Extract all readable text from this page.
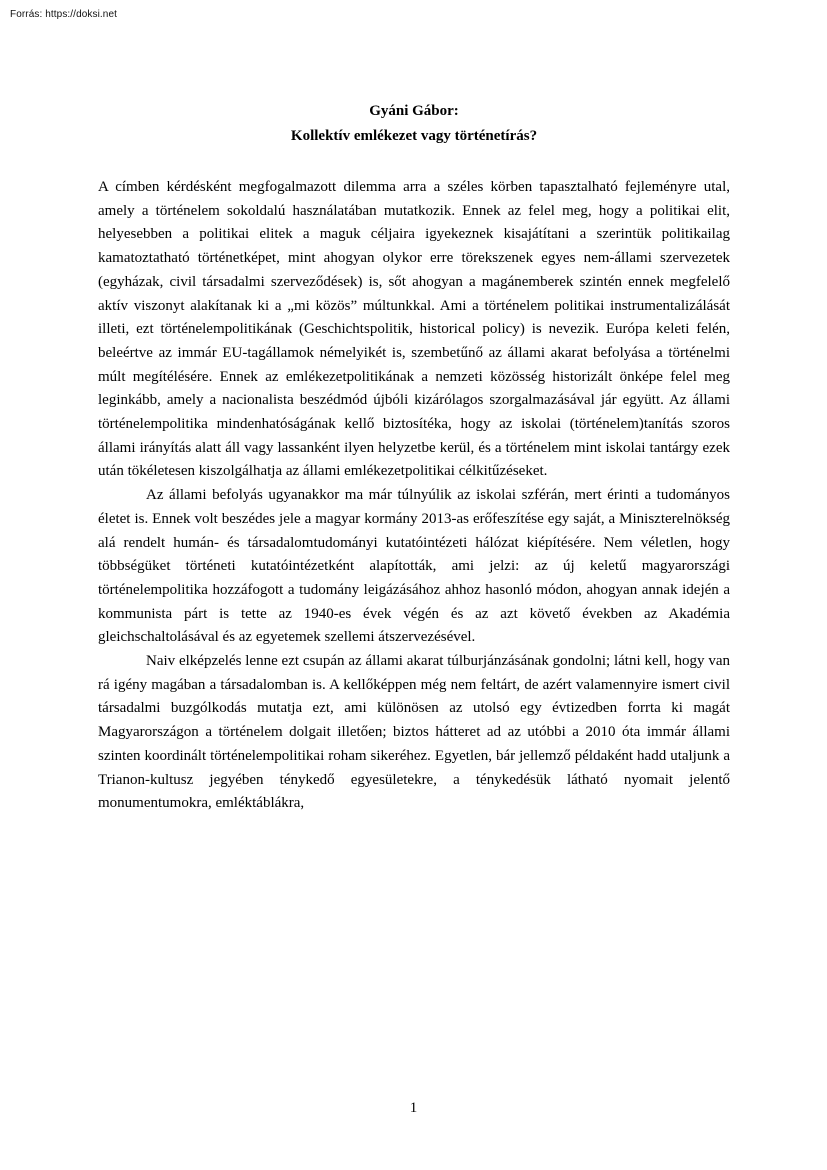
Forrás: https://doksi.net

Gyáni Gábor:

Kollektív emlékezet vagy történetírás?

A címben kérdésként megfogalmazott dilemma arra a széles körben tapasztalható fejleményre utal, amely a történelem sokoldalú használatában mutatkozik. Ennek az felel meg, hogy a politikai elit, helyesebben a politikai elitek a maguk céljaira igyekeznek kisajátítani a szerintük politikailag kamatoztatható történetképet, mint ahogyan olykor erre törekszenek egyes nem-állami szervezetek (egyházak, civil társadalmi szerveződések) is, sőt ahogyan a magánemberek szintén ennek megfelelő aktív viszonyt alakítanak ki a „mi közös” múltunkkal. Ami a történelem politikai instrumentalizálását illeti, ezt történelempolitikának (Geschichtspolitik, historical policy) is nevezik. Európa keleti felén, beleértve az immár EU-tagállamok némelyikét is, szembetűnő az állami akarat befolyása a történelmi múlt megítélésére. Ennek az emlékezetpolitikának a nemzeti közösség historizált önképe felel meg leginkább, amely a nacionalista beszédmód újbóli kizárólagos szorgalmazásával jár együtt. Az állami történelempolitika mindenhatóságának kellő biztosítéka, hogy az iskolai (történelem)tanítás szoros állami irányítás alatt áll vagy lassanként ilyen helyzetbe kerül, és a történelem mint iskolai tantárgy ezek után tökéletesen kiszolgálhatja az állami emlékezetpolitikai célkitűzéseket.

Az állami befolyás ugyanakkor ma már túlnyúlik az iskolai szférán, mert érinti a tudományos életet is. Ennek volt beszédes jele a magyar kormány 2013-as erőfeszítése egy saját, a Miniszterelnökség alá rendelt humán- és társadalomtudományi kutatóintézeti hálózat kiépítésére. Nem véletlen, hogy többségüket történeti kutatóintézetként alapították, ami jelzi: az új keletű magyarországi történelempolitika hozzáfogott a tudomány leigázásához ahhoz hasonló módon, ahogyan annak idején a kommunista párt is tette az 1940-es évek végén és az azt követő években az Akadémia gleichschaltolásával és az egyetemek szellemi átszervezésével.

Naiv elképzelés lenne ezt csupán az állami akarat túlburjánzásának gondolni; látni kell, hogy van rá igény magában a társadalomban is. A kellőképpen még nem feltárt, de azért valamennyire ismert civil társadalmi buzgólkodás mutatja ezt, ami különösen az utolsó egy évtizedben forrta ki magát Magyarországon a történelem dolgait illetően; biztos hátteret ad az utóbbi a 2010 óta immár állami szinten koordinált történelempolitikai roham sikeréhez. Egyetlen, bár jellemző példaként hadd utaljunk a Trianon-kultusz jegyében ténykedő egyesületekre, a ténykedésük látható nyomait jelentő monumentumokra, emléktáblákra,

1
